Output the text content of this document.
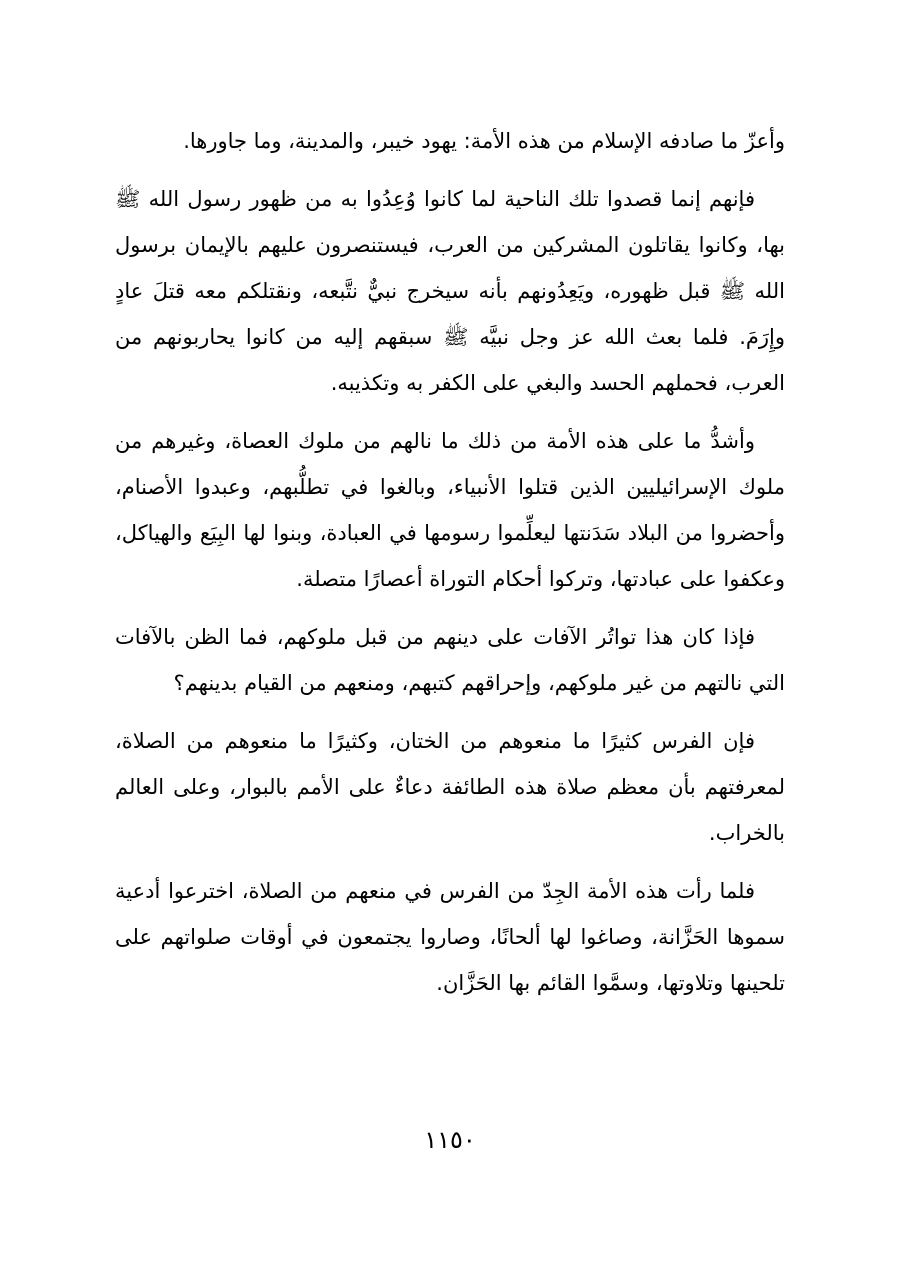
وأعزّ ما صادفه الإسلام من هذه الأمة: يهود خيبر، والمدينة، وما جاورها.

فإنهم إنما قصدوا تلك الناحية لما كانوا وُعِدُوا به من ظهور رسول الله ﷺ بها، وكانوا يقاتلون المشركين من العرب، فيستنصرون عليهم بالإيمان برسول الله ﷺ قبل ظهوره، ويَعِدُونهم بأنه سيخرج نبيٌّ نتَّبعه، ونقتلكم معه قتلَ عادٍ وإِرَمَ. فلما بعث الله عز وجل نبيَّه ﷺ سبقهم إليه من كانوا يحاربونهم من العرب، فحملهم الحسد والبغي على الكفر به وتكذيبه.

وأشدُّ ما على هذه الأمة من ذلك ما نالهم من ملوك العصاة، وغيرهم من ملوك الإسرائيليين الذين قتلوا الأنبياء، وبالغوا في تطلُّبهم، وعبدوا الأصنام، وأحضروا من البلاد سَدَنتها ليعلِّموا رسومها في العبادة، وبنوا لها البِيَع والهياكل، وعكفوا على عبادتها، وتركوا أحكام التوراة أعصارًا متصلة.

فإذا كان هذا تواتُر الآفات على دينهم من قبل ملوكهم، فما الظن بالآفات التي نالتهم من غير ملوكهم، وإحراقهم كتبهم، ومنعهم من القيام بدينهم؟

فإن الفرس كثيرًا ما منعوهم من الختان، وكثيرًا ما منعوهم من الصلاة، لمعرفتهم بأن معظم صلاة هذه الطائفة دعاءٌ على الأمم بالبوار، وعلى العالم بالخراب.

فلما رأت هذه الأمة الجِدّ من الفرس في منعهم من الصلاة، اخترعوا أدعية سموها الحَزَّانة، وصاغوا لها ألحانًا، وصاروا يجتمعون في أوقات صلواتهم على تلحينها وتلاوتها، وسمَّوا القائم بها الحَزَّان.

١١٥٠
